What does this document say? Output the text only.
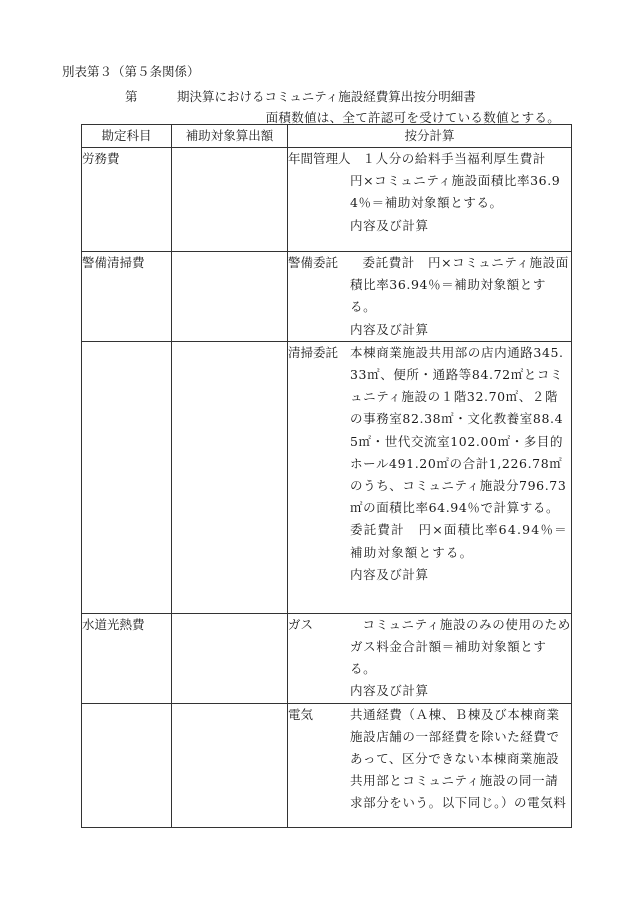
別表第３（第５条関係）
第	期決算におけるコミュニティ施設経費算出按分明細書
面積数値は、全て許認可を受けている数値とする。
勘定科目	補助対象算出額	按分計算
労務費		年間管理人 １人分の給料手当福利厚生費計　円×コミュニティ施設面積比率36.94％＝補助対象額とする。
内容及び計算

警備清掃費		警備委託 委託費計　円×コミュニティ施設面積比率36.94％＝補助対象額とする。
内容及び計算

		清掃委託 本棟商業施設共用部の店内通路345.33㎡、便所・通路等84.72㎡とコミュニティ施設の１階32.70㎡、２階の事務室82.38㎡・文化教養室88.45㎡・世代交流室102.00㎡・多目的ホール491.20㎡の合計1,226.78㎡のうち、コミュニティ施設分796.73㎡の面積比率64.94％で計算する。
委託費計　円×面積比率64.94％＝補助対象額とする。
内容及び計算

水道光熱費		ガス コミュニティ施設のみの使用のためガス料金合計額＝補助対象額とする。
内容及び計算

		電気 共通経費（Ａ棟、Ｂ棟及び本棟商業施設店舗の一部経費を除いた経費であって、区分できない本棟商業施設共用部とコミュニティ施設の同一請求部分をいう。以下同じ。）の電気料
